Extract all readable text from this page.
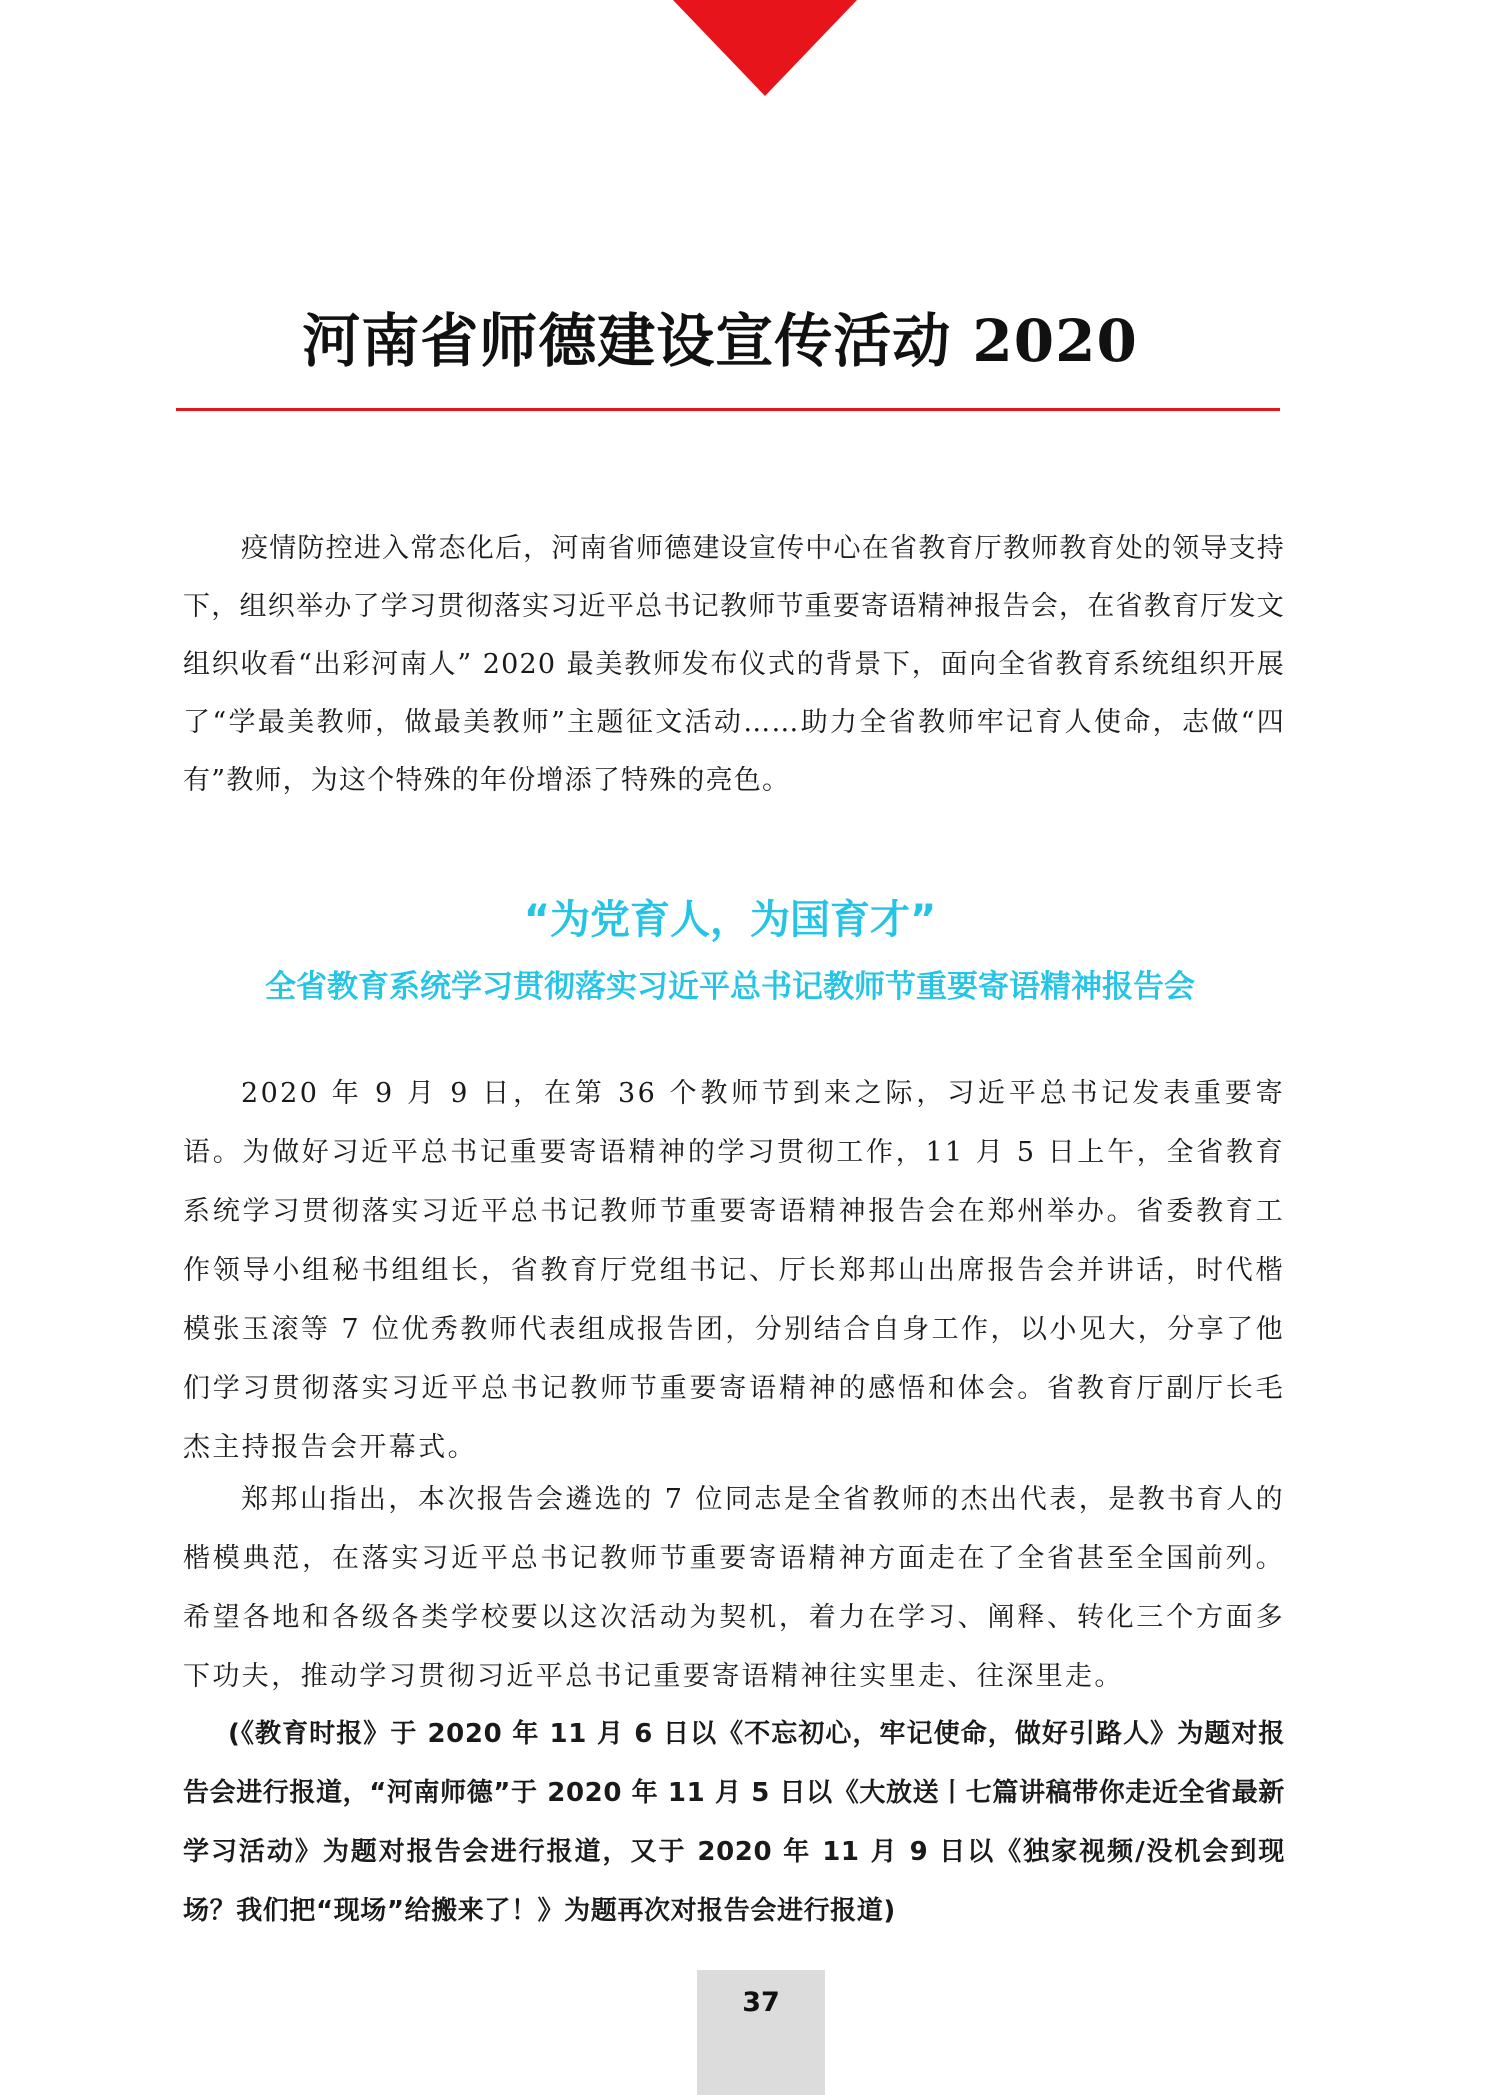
河南省师德建设宣传活动 2020

疫情防控进入常态化后，河南省师德建设宣传中心在省教育厅教师教育处的领导支持下，组织举办了学习贯彻落实习近平总书记教师节重要寄语精神报告会，在省教育厅发文组织收看“出彩河南人” 2020 最美教师发布仪式的背景下，面向全省教育系统组织开展了“学最美教师，做最美教师”主题征文活动……助力全省教师牢记育人使命，志做“四有”教师，为这个特殊的年份增添了特殊的亮色。

“为党育人，为国育才”
全省教育系统学习贯彻落实习近平总书记教师节重要寄语精神报告会

2020 年 9 月 9 日，在第 36 个教师节到来之际，习近平总书记发表重要寄语。为做好习近平总书记重要寄语精神的学习贯彻工作，11 月 5 日上午，全省教育系统学习贯彻落实习近平总书记教师节重要寄语精神报告会在郑州举办。省委教育工作领导小组秘书组组长，省教育厅党组书记、厅长郑邦山出席报告会并讲话，时代楷模张玉滚等 7 位优秀教师代表组成报告团，分别结合自身工作，以小见大，分享了他们学习贯彻落实习近平总书记教师节重要寄语精神的感悟和体会。省教育厅副厅长毛杰主持报告会开幕式。

郑邦山指出，本次报告会遴选的 7 位同志是全省教师的杰出代表，是教书育人的楷模典范，在落实习近平总书记教师节重要寄语精神方面走在了全省甚至全国前列。希望各地和各级各类学校要以这次活动为契机，着力在学习、阐释、转化三个方面多下功夫，推动学习贯彻习近平总书记重要寄语精神往实里走、往深里走。

(《教育时报》于 2020 年 11 月 6 日以《不忘初心，牢记使命，做好引路人》为题对报告会进行报道，“河南师德”于 2020 年 11 月 5 日以《大放送丨七篇讲稿带你走近全省最新学习活动》为题对报告会进行报道，又于 2020 年 11 月 9 日以《独家视频/没机会到现场？我们把“现场”给搬来了！》为题再次对报告会进行报道)

37
